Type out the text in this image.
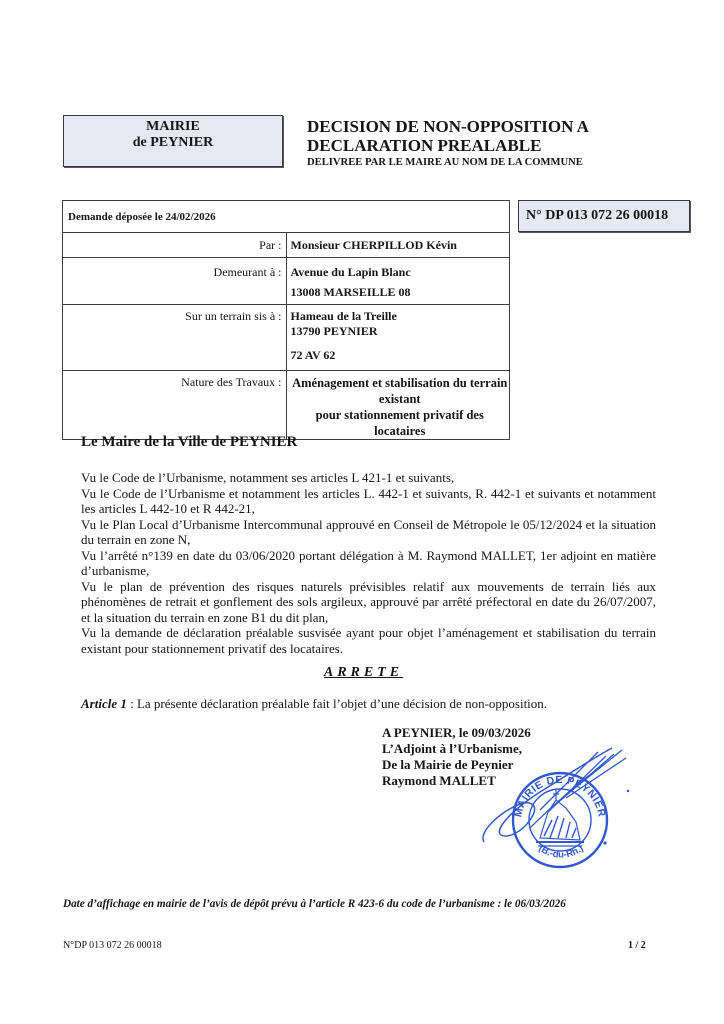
MAIRIE
de PEYNIER
DECISION DE NON-OPPOSITION A
DECLARATION PREALABLE
DELIVREE PAR LE MAIRE AU NOM DE LA COMMUNE
Demande déposée le 24/02/2026	
Par :	Monsieur CHERPILLOD Kévin
Demeurant à :	Avenue du Lapin Blanc
13008 MARSEILLE 08

Sur un terrain sis à :	Hameau de la Treille
13790 PEYNIER
72 AV 62

Nature des Travaux :	Aménagement et stabilisation du terrain existant
pour stationnement privatif des locataires
N° DP 013 072 26 00018
Le Maire de la Ville de PEYNIER

Vu le Code de l’Urbanisme, notamment ses articles L 421-1 et suivants,

Vu le Code de l’Urbanisme et notamment les articles L. 442-1 et suivants, R. 442-1 et suivants et notamment les articles L 442-10 et R 442-21,

Vu le Plan Local d’Urbanisme Intercommunal approuvé en Conseil de Métropole le 05/12/2024 et la situation du terrain en zone N,

Vu l’arrêté n°139 en date du 03/06/2020 portant délégation à M. Raymond MALLET, 1er adjoint en matière d’urbanisme,

Vu le plan de prévention des risques naturels prévisibles relatif aux mouvements de terrain liés aux phénomènes de retrait et gonflement des sols argileux, approuvé par arrêté préfectoral en date du 26/07/2007, et la situation du terrain en zone B1 du dit plan,

Vu la demande de déclaration préalable susvisée ayant pour objet l’aménagement et stabilisation du terrain existant pour stationnement privatif des locataires.

ARRETE
Article 1 : La présente déclaration préalable fait l’objet d’une décision de non-opposition.
A PEYNIER, le 09/03/2026
L’Adjoint à l’Urbanisme,
De la Mairie de Peynier
Raymond MALLET
MAIRIE DE PEYNIER
(B.-du-Rh.)
Date d’affichage en mairie de l’avis de dépôt prévu à l’article R 423-6 du code de l’urbanisme : le 06/03/2026
N°DP 013 072 26 00018	1 / 2
